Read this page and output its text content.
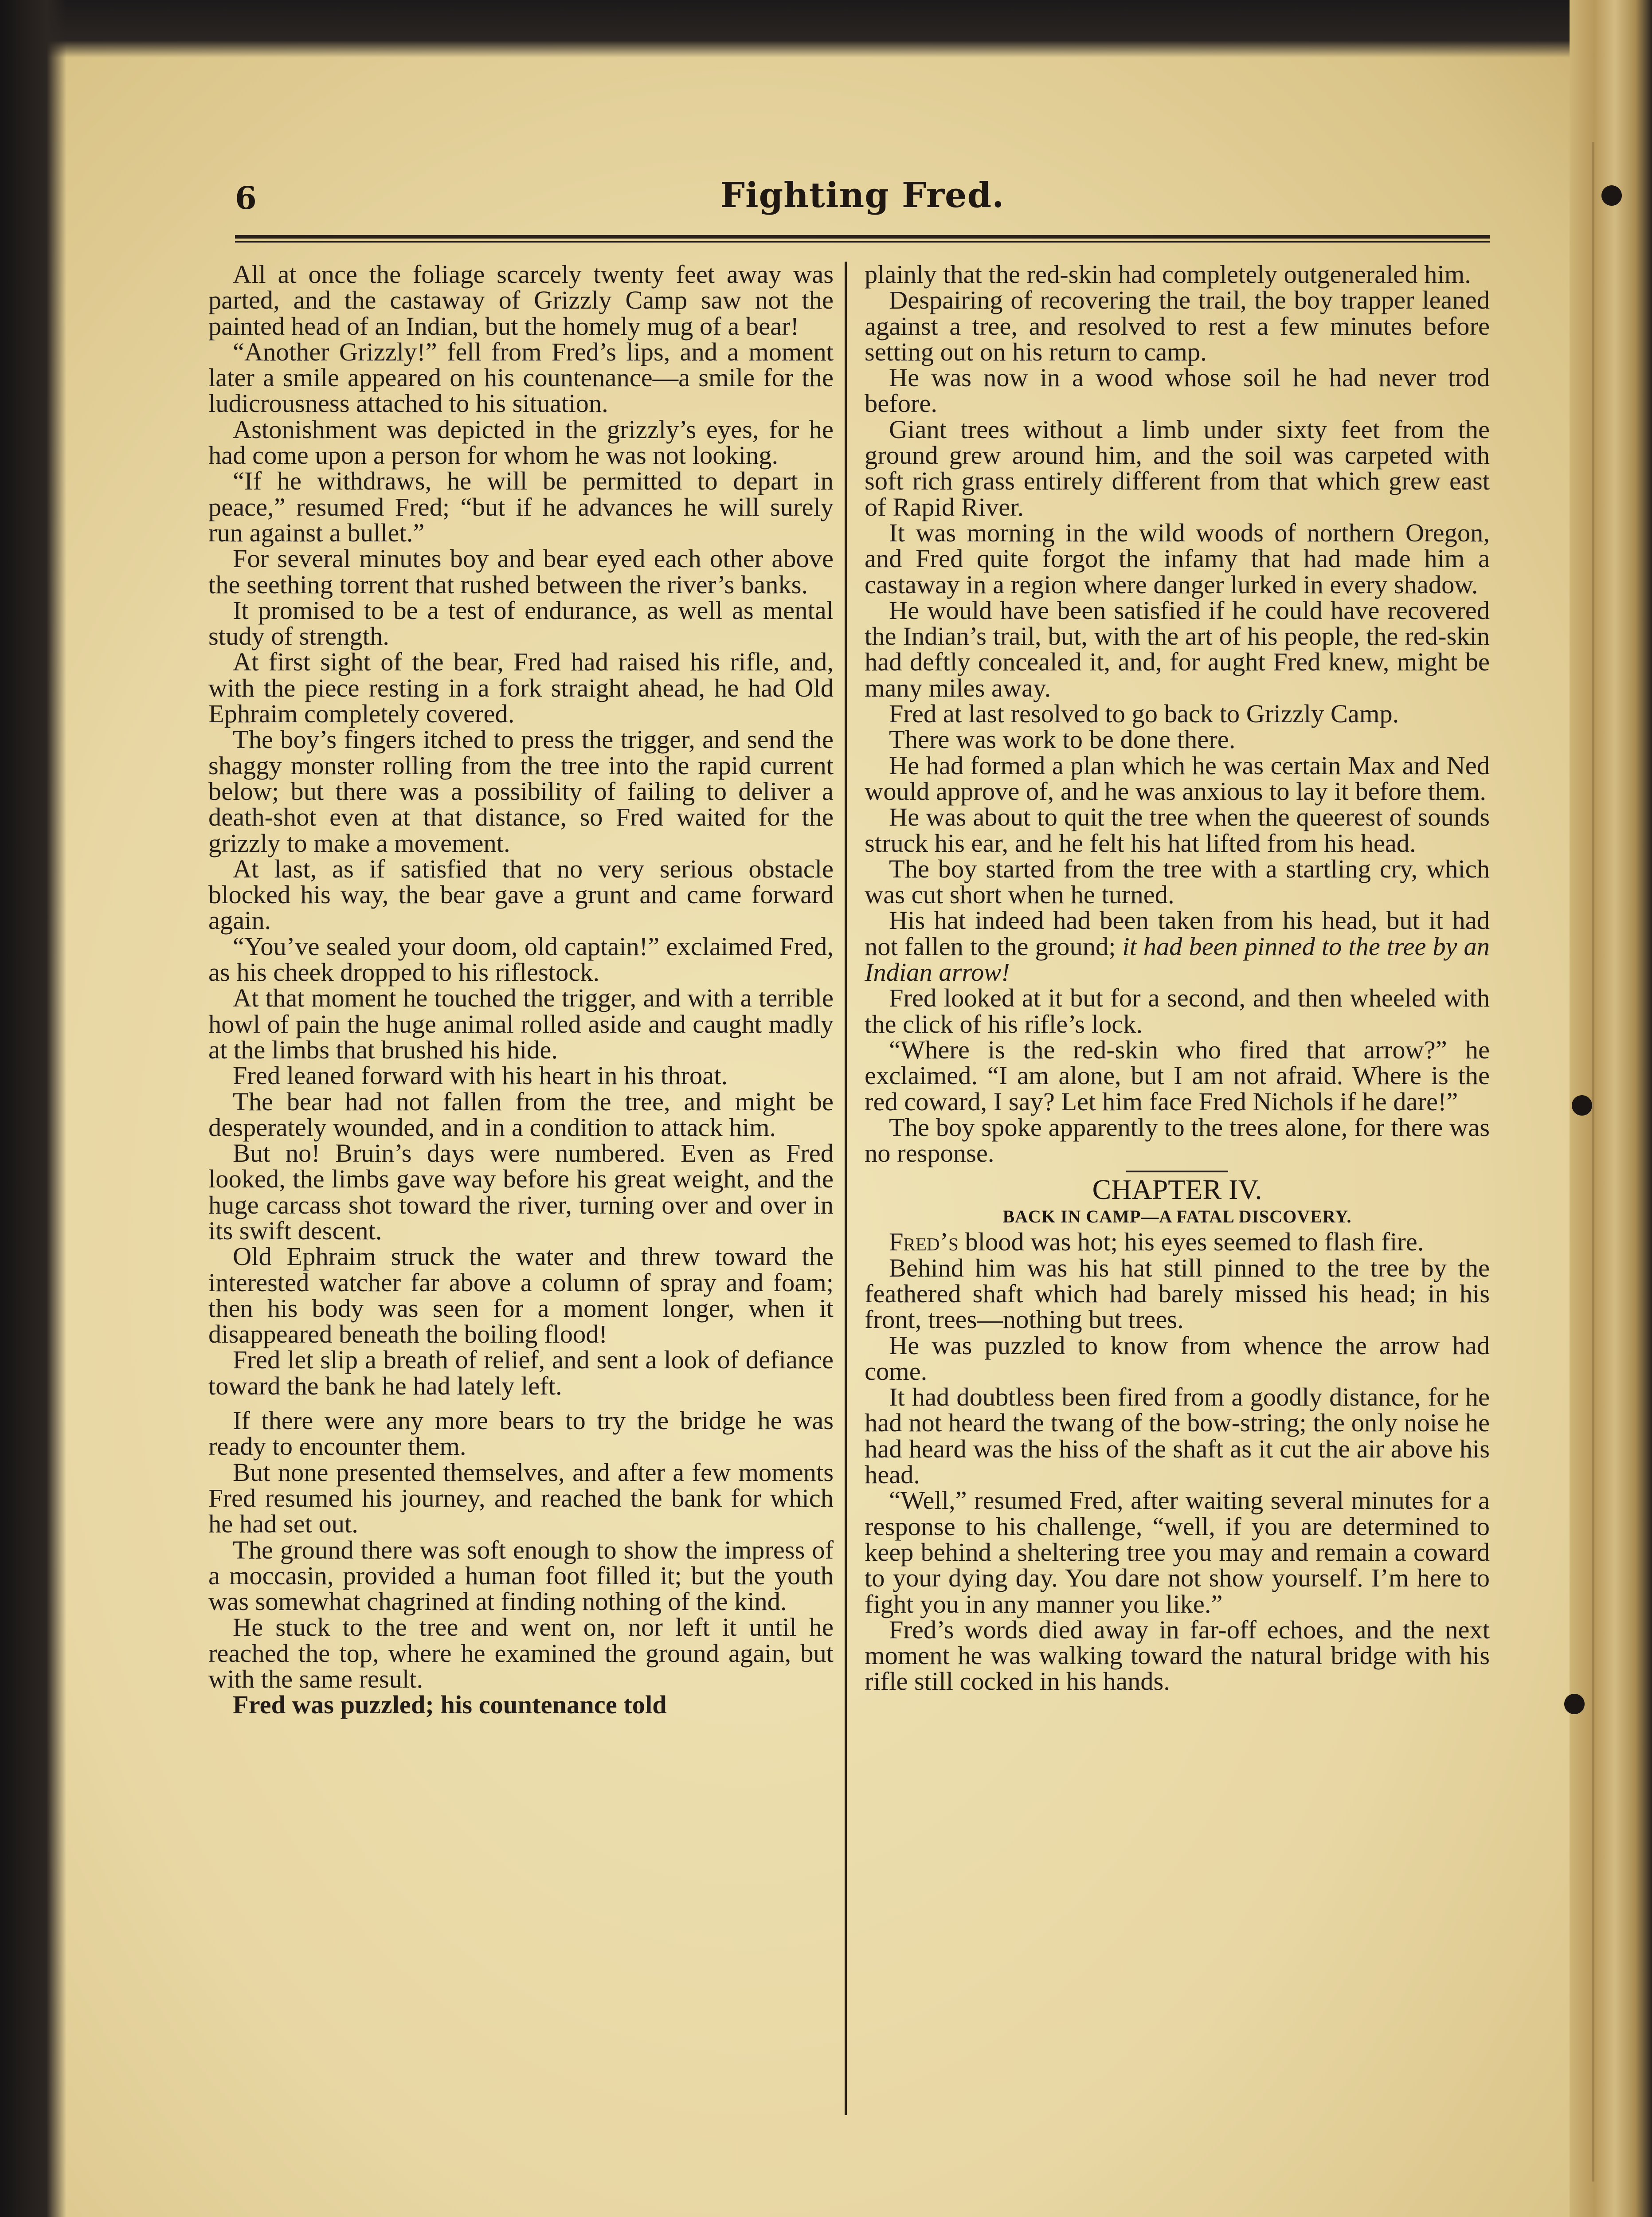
6	Fighting Fred.

All at once the foliage scarcely twenty feet away was parted, and the castaway of Grizzly Camp saw not the painted head of an Indian, but the homely mug of a bear!

“Another Grizzly!” fell from Fred’s lips, and a moment later a smile appeared on his countenance—a smile for the ludicrousness attached to his situation.

Astonishment was depicted in the grizzly’s eyes, for he had come upon a person for whom he was not looking.

“If he withdraws, he will be permitted to depart in peace,” resumed Fred; “but if he advances he will surely run against a bullet.”

For several minutes boy and bear eyed each other above the seething torrent that rushed between the river’s banks.

It promised to be a test of endurance, as well as mental study of strength.

At first sight of the bear, Fred had raised his rifle, and, with the piece resting in a fork straight ahead, he had Old Ephraim completely covered.

The boy’s fingers itched to press the trigger, and send the shaggy monster rolling from the tree into the rapid current below; but there was a possibility of failing to deliver a death-shot even at that distance, so Fred waited for the grizzly to make a movement.

At last, as if satisfied that no very serious obstacle blocked his way, the bear gave a grunt and came forward again.

“You’ve sealed your doom, old captain!” exclaimed Fred, as his cheek dropped to his riflestock.

At that moment he touched the trigger, and with a terrible howl of pain the huge animal rolled aside and caught madly at the limbs that brushed his hide.

Fred leaned forward with his heart in his throat.

The bear had not fallen from the tree, and might be desperately wounded, and in a condition to attack him.

But no! Bruin’s days were numbered. Even as Fred looked, the limbs gave way before his great weight, and the huge carcass shot toward the river, turning over and over in its swift descent.

Old Ephraim struck the water and threw toward the interested watcher far above a column of spray and foam; then his body was seen for a moment longer, when it disappeared beneath the boiling flood!

Fred let slip a breath of relief, and sent a look of defiance toward the bank he had lately left.

If there were any more bears to try the bridge he was ready to encounter them.

But none presented themselves, and after a few moments Fred resumed his journey, and reached the bank for which he had set out.

The ground there was soft enough to show the impress of a moccasin, provided a human foot filled it; but the youth was somewhat chagrined at finding nothing of the kind.

He stuck to the tree and went on, nor left it until he reached the top, where he examined the ground again, but with the same result.

Fred was puzzled; his countenance told

plainly that the red-skin had completely outgeneraled him.

Despairing of recovering the trail, the boy trapper leaned against a tree, and resolved to rest a few minutes before setting out on his return to camp.

He was now in a wood whose soil he had never trod before.

Giant trees without a limb under sixty feet from the ground grew around him, and the soil was carpeted with soft rich grass entirely different from that which grew east of Rapid River.

It was morning in the wild woods of northern Oregon, and Fred quite forgot the infamy that had made him a castaway in a region where danger lurked in every shadow.

He would have been satisfied if he could have recovered the Indian’s trail, but, with the art of his people, the red-skin had deftly concealed it, and, for aught Fred knew, might be many miles away.

Fred at last resolved to go back to Grizzly Camp.

There was work to be done there.

He had formed a plan which he was certain Max and Ned would approve of, and he was anxious to lay it before them.

He was about to quit the tree when the queerest of sounds struck his ear, and he felt his hat lifted from his head.

The boy started from the tree with a startling cry, which was cut short when he turned.

His hat indeed had been taken from his head, but it had not fallen to the ground; it had been pinned to the tree by an Indian arrow!

Fred looked at it but for a second, and then wheeled with the click of his rifle’s lock.

“Where is the red-skin who fired that arrow?” he exclaimed. “I am alone, but I am not afraid. Where is the red coward, I say? Let him face Fred Nichols if he dare!”

The boy spoke apparently to the trees alone, for there was no response.

CHAPTER IV.
BACK IN CAMP—A FATAL DISCOVERY.

Fred’s blood was hot; his eyes seemed to flash fire.

Behind him was his hat still pinned to the tree by the feathered shaft which had barely missed his head; in his front, trees—nothing but trees.

He was puzzled to know from whence the arrow had come.

It had doubtless been fired from a goodly distance, for he had not heard the twang of the bow-string; the only noise he had heard was the hiss of the shaft as it cut the air above his head.

“Well,” resumed Fred, after waiting several minutes for a response to his challenge, “well, if you are determined to keep behind a sheltering tree you may and remain a coward to your dying day. You dare not show yourself. I’m here to fight you in any manner you like.”

Fred’s words died away in far-off echoes, and the next moment he was walking toward the natural bridge with his rifle still cocked in his hands.
